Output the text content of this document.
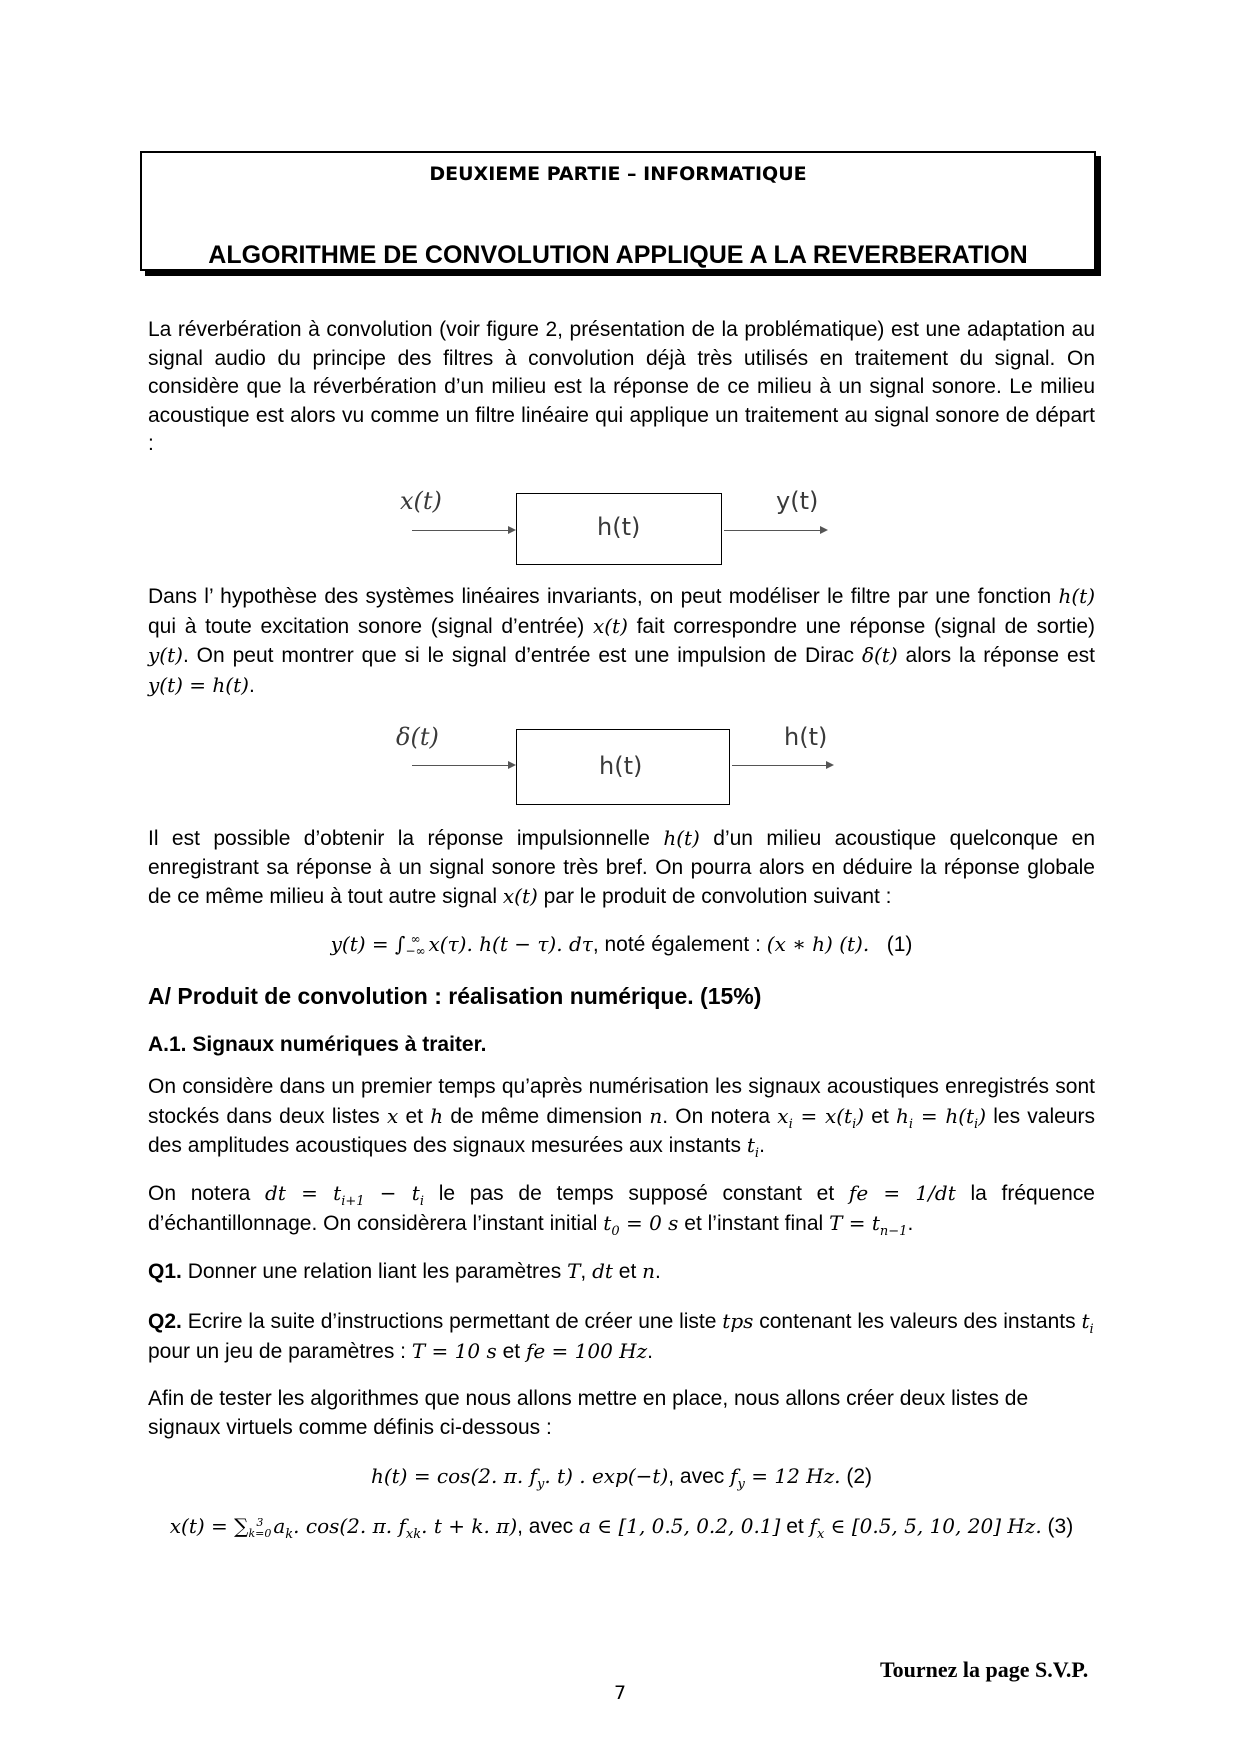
DEUXIEME PARTIE – INFORMATIQUE
ALGORITHME DE CONVOLUTION APPLIQUE A LA REVERBERATION
La réverbération à convolution (voir figure 2, présentation de la problématique) est une adaptation au signal audio du principe des filtres à convolution déjà très utilisés en traitement du signal. On considère que la réverbération d’un milieu est la réponse de ce milieu à un signal sonore. Le milieu acoustique est alors vu comme un filtre linéaire qui applique un traitement au signal sonore de départ :
x(t)
h(t)
y(t)
Dans l’ hypothèse des systèmes linéaires invariants, on peut modéliser le filtre par une fonction h(t) qui à toute excitation sonore (signal d’entrée) x(t) fait correspondre une réponse (signal de sortie) y(t). On peut montrer que si le signal d’entrée est une impulsion de Dirac δ(t) alors la réponse est y(t) = h(t).
δ(t)
h(t)
h(t)
Il est possible d’obtenir la réponse impulsionnelle h(t) d’un milieu acoustique quelconque en enregistrant sa réponse à un signal sonore très bref. On pourra alors en déduire la réponse globale de ce même milieu à tout autre signal x(t) par le produit de convolution suivant :
y(t) = ∫ ∞
−∞ x(τ). h(t − τ). dτ, noté également : (x ∗ h) (t). (1)
A/ Produit de convolution : réalisation numérique. (15%)
A.1. Signaux numériques à traiter.
On considère dans un premier temps qu’après numérisation les signaux acoustiques enregistrés sont stockés dans deux listes x et h de même dimension n. On notera $x_i = x(t_i)$ et $h_i = h(t_i)$ les valeurs des amplitudes acoustiques des signaux mesurées aux instants $t_i$.
On notera dt = $t_{i+1} - t_i$ le pas de temps supposé constant et fe = 1/dt la fréquence d’échantillonnage. On considèrera l’instant initial $t_0 = 0$ s et l’instant final $T = t_{n-1}$.
Q1. Donner une relation liant les paramètres T, dt et n.
Q2. Ecrire la suite d’instructions permettant de créer une liste tps contenant les valeurs des instants $t_i$ pour un jeu de paramètres : T = 10 s et fe = 100 Hz.
Afin de tester les algorithmes que nous allons mettre en place, nous allons créer deux listes de signaux virtuels comme définis ci-dessous :
h(t) = cos(2. π. $f_y$. t) . exp(−t), avec $f_y = 12$ Hz. (2)
x(t) = ∑ 3
k=0 $a_k$. cos(2. π. $f_{xk}$. t + k. π), avec a ∈ [1, 0.5, 0.2, 0.1] et $f_x$ ∈ [0.5, 5, 10, 20] Hz. (3)
Tournez la page S.V.P.
7
